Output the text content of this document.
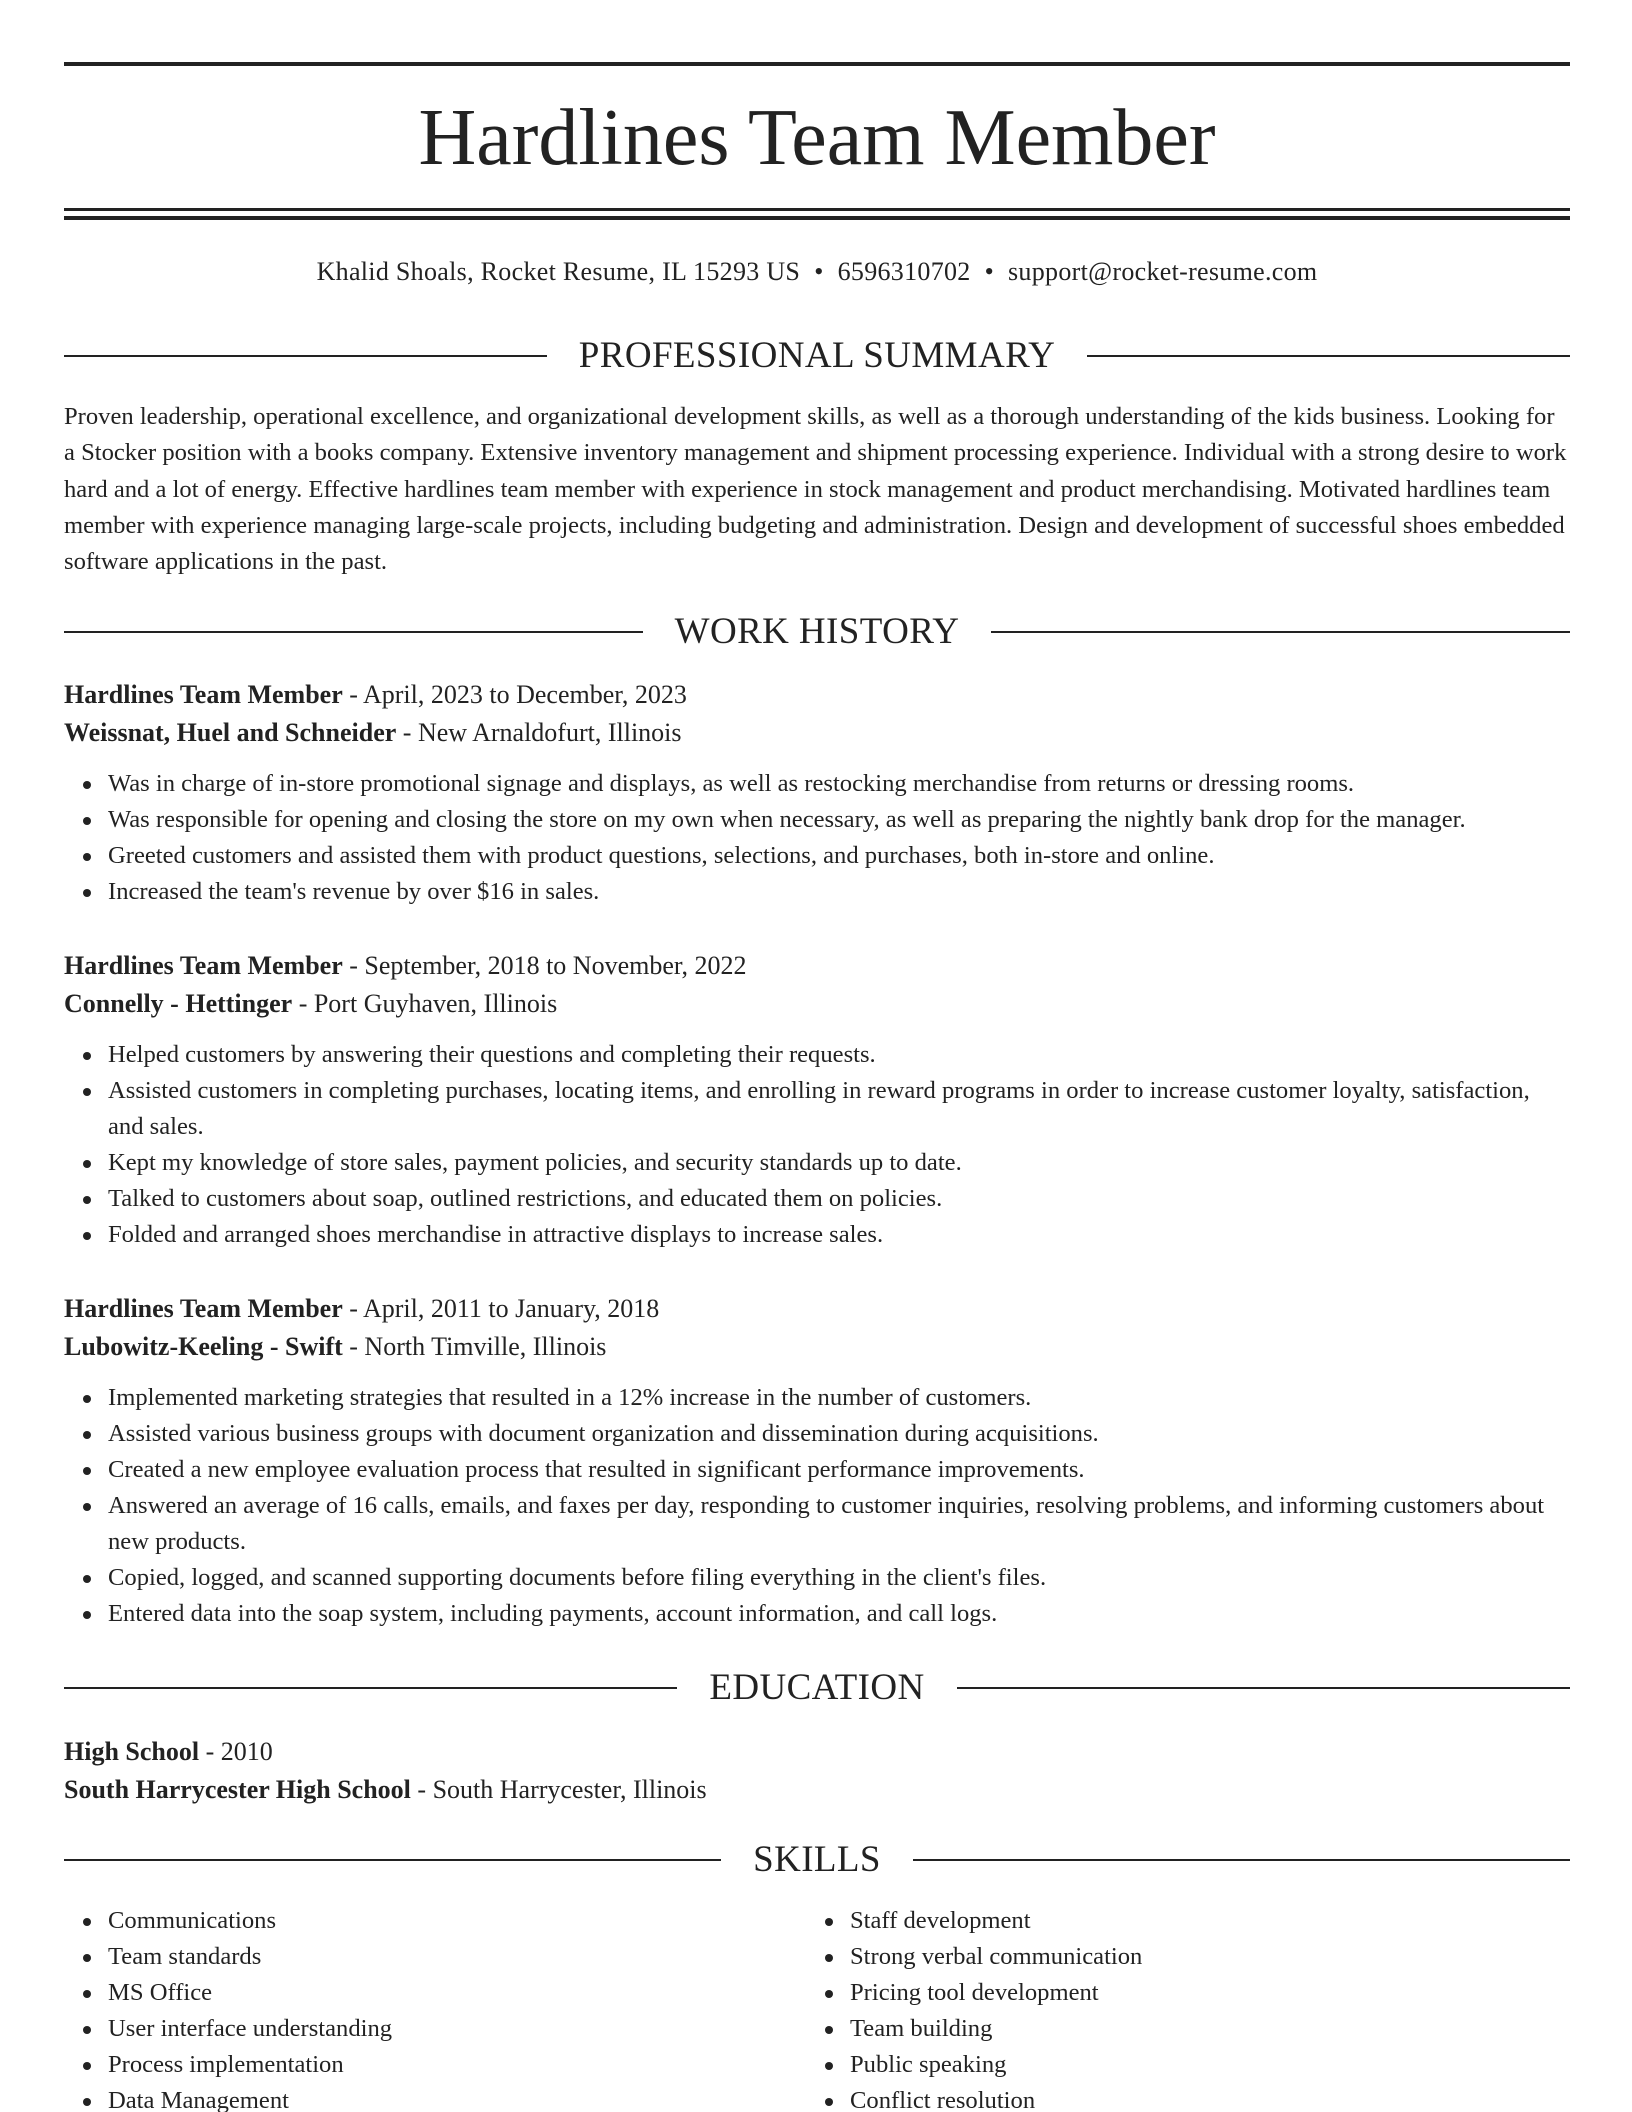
Hardlines Team Member
Khalid Shoals, Rocket Resume, IL 15293 US • 6596310702 • support@rocket-resume.com
PROFESSIONAL SUMMARY

Proven leadership, operational excellence, and organizational development skills, as well as a thorough understanding of the kids business. Looking for a Stocker position with a books company. Extensive inventory management and shipment processing experience. Individual with a strong desire to work hard and a lot of energy. Effective hardlines team member with experience in stock management and product merchandising. Motivated hardlines team member with experience managing large-scale projects, including budgeting and administration. Design and development of successful shoes embedded software applications in the past.

WORK HISTORY
Hardlines Team Member - April, 2023 to December, 2023
Weissnat, Huel and Schneider - New Arnaldofurt, Illinois
Was in charge of in-store promotional signage and displays, as well as restocking merchandise from returns or dressing rooms.
Was responsible for opening and closing the store on my own when necessary, as well as preparing the nightly bank drop for the manager.
Greeted customers and assisted them with product questions, selections, and purchases, both in-store and online.
Increased the team's revenue by over $16 in sales.
Hardlines Team Member - September, 2018 to November, 2022
Connelly - Hettinger - Port Guyhaven, Illinois
Helped customers by answering their questions and completing their requests.
Assisted customers in completing purchases, locating items, and enrolling in reward programs in order to increase customer loyalty, satisfaction, and sales.
Kept my knowledge of store sales, payment policies, and security standards up to date.
Talked to customers about soap, outlined restrictions, and educated them on policies.
Folded and arranged shoes merchandise in attractive displays to increase sales.
Hardlines Team Member - April, 2011 to January, 2018
Lubowitz-Keeling - Swift - North Timville, Illinois
Implemented marketing strategies that resulted in a 12% increase in the number of customers.
Assisted various business groups with document organization and dissemination during acquisitions.
Created a new employee evaluation process that resulted in significant performance improvements.
Answered an average of 16 calls, emails, and faxes per day, responding to customer inquiries, resolving problems, and informing customers about new products.
Copied, logged, and scanned supporting documents before filing everything in the client's files.
Entered data into the soap system, including payments, account information, and call logs.
EDUCATION
High School - 2010
South Harrycester High School - South Harrycester, Illinois
SKILLS
Communications
Team standards
MS Office
User interface understanding
Process implementation
Data Management
Staff development
Strong verbal communication
Pricing tool development
Team building
Public speaking
Conflict resolution
